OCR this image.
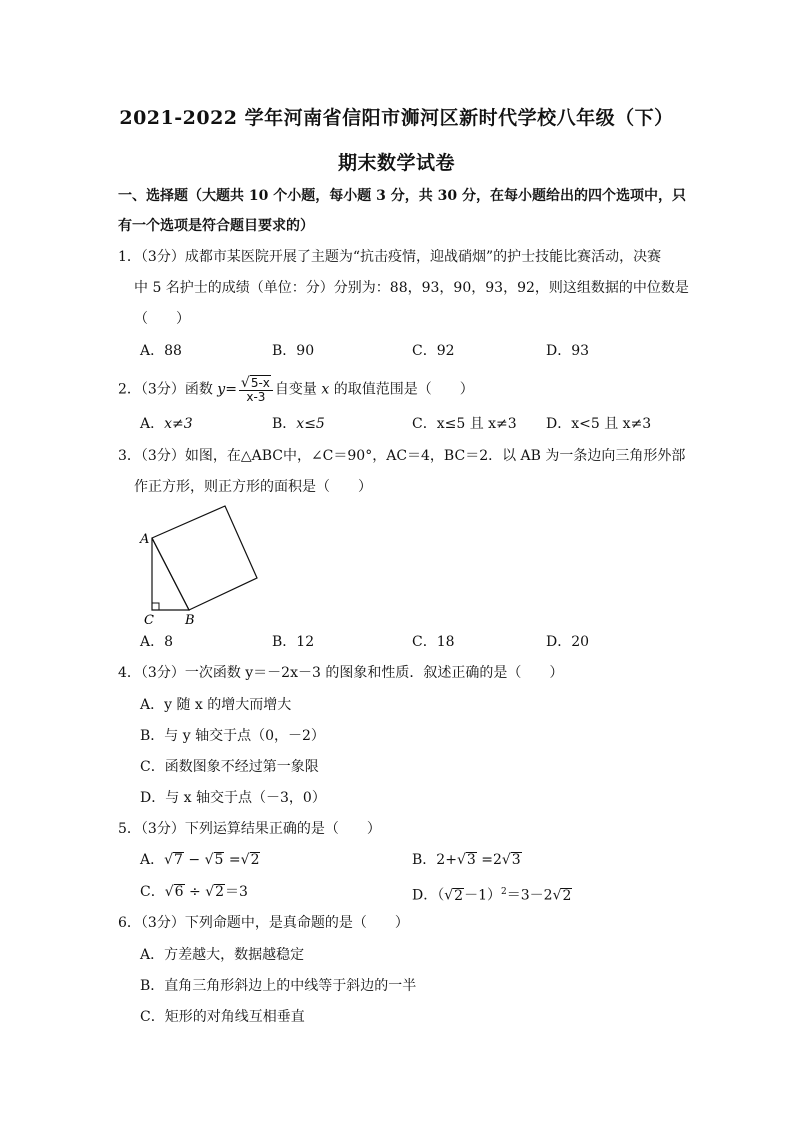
2021-2022 学年河南省信阳市浉河区新时代学校八年级（下）
期末数学试卷
一、选择题（大题共 10 个小题，每小题 3 分，共 30 分，在每小题给出的四个选项中，只
有一个选项是符合题目要求的）
1．（3分）成都市某医院开展了主题为“抗击疫情，迎战硝烟”的护士技能比赛活动，决赛
中 5 名护士的成绩（单位：分）分别为：88，93，90，93，92，则这组数据的中位数是
（　　）
A．88	B．90	C．92	D．93
2．（3分）函数 $y= \frac{√5-x}{x-3}$ 自变量 x 的取值范围是（　　）
A．x≠3	B．x≤5	C．x≤5 且 x≠3 D．x<5 且 x≠3
3．（3分）如图，在△ABC中，∠C＝90°，AC＝4，BC＝2．以 AB 为一条边向三角形外部
作正方形，则正方形的面积是（　　）
A
C B
A．8	B．12	C．18	D．20
4．（3分）一次函数 y＝－2x－3 的图象和性质．叙述正确的是（　　）
A．y 随 x 的增大而增大
B．与 y 轴交于点（0，－2）
C．函数图象不经过第一象限
D．与 x 轴交于点（－3，0）
5．（3分）下列运算结果正确的是（　　）
A．√7 − √5 =√2	B．2+√3 =2√3
C．√6 ÷ √2＝3	D．$(√2-1)^2=3-2√2$
6．（3分）下列命题中，是真命题的是（　　）
A．方差越大，数据越稳定
B．直角三角形斜边上的中线等于斜边的一半
C．矩形的对角线互相垂直
